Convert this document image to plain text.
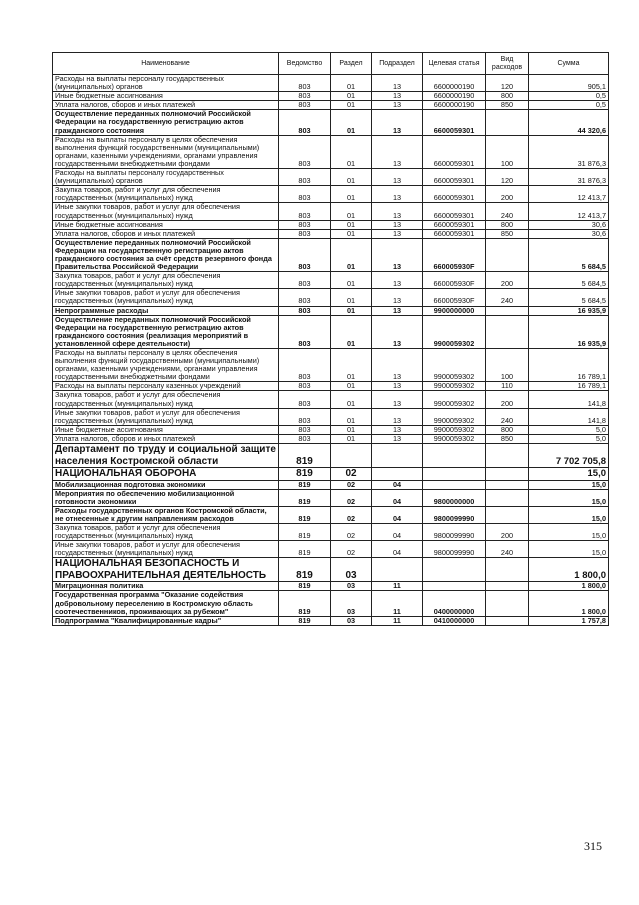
Наименование	Ведомство	Раздел	Подраздел	Целевая статья	Вид расходов	Сумма
Расходы на выплаты персоналу государственных (муниципальных) органов	803	01	13	6600000190	120	905,1
Иные бюджетные ассигнования	803	01	13	6600000190	800	0,5
Уплата налогов, сборов и иных платежей	803	01	13	6600000190	850	0,5
Осуществление переданных полномочий Российской Федерации на государственную регистрацию актов гражданского состояния	803	01	13	6600059301		44 320,6
Расходы на выплаты персоналу в целях обеспечения выполнения функций государственными (муниципальными) органами, казенными учреждениями, органами управления государственными внебюджетными фондами	803	01	13	6600059301	100	31 876,3
Расходы на выплаты персоналу государственных (муниципальных) органов	803	01	13	6600059301	120	31 876,3
Закупка товаров, работ и услуг для обеспечения государственных (муниципальных) нужд	803	01	13	6600059301	200	12 413,7
Иные закупки товаров, работ и услуг для обеспечения государственных (муниципальных) нужд	803	01	13	6600059301	240	12 413,7
Иные бюджетные ассигнования	803	01	13	6600059301	800	30,6
Уплата налогов, сборов и иных платежей	803	01	13	6600059301	850	30,6
Осуществление переданных полномочий Российской Федерации на государственную регистрацию актов гражданского состояния за счёт средств резервного фонда Правительства Российской Федерации	803	01	13	660005930F		5 684,5
Закупка товаров, работ и услуг для обеспечения государственных (муниципальных) нужд	803	01	13	660005930F	200	5 684,5
Иные закупки товаров, работ и услуг для обеспечения государственных (муниципальных) нужд	803	01	13	660005930F	240	5 684,5
Непрограммные расходы	803	01	13	9900000000		16 935,9
Осуществление переданных полномочий Российской Федерации на государственную регистрацию актов гражданского состояния (реализация мероприятий в установленной сфере деятельности)	803	01	13	9900059302		16 935,9
Расходы на выплаты персоналу в целях обеспечения выполнения функций государственными (муниципальными) органами, казенными учреждениями, органами управления государственными внебюджетными фондами	803	01	13	9900059302	100	16 789,1
Расходы на выплаты персоналу казенных учреждений	803	01	13	9900059302	110	16 789,1
Закупка товаров, работ и услуг для обеспечения государственных (муниципальных) нужд	803	01	13	9900059302	200	141,8
Иные закупки товаров, работ и услуг для обеспечения государственных (муниципальных) нужд	803	01	13	9900059302	240	141,8
Иные бюджетные ассигнования	803	01	13	9900059302	800	5,0
Уплата налогов, сборов и иных платежей	803	01	13	9900059302	850	5,0
Департамент по труду и социальной защите населения Костромской области	819					7 702 705,8
НАЦИОНАЛЬНАЯ ОБОРОНА	819	02				15,0
Мобилизационная подготовка экономики	819	02	04			15,0
Мероприятия по обеспечению мобилизационной готовности экономики	819	02	04	9800000000		15,0
Расходы государственных органов Костромской области, не отнесенные к другим направлениям расходов	819	02	04	9800099990		15,0
Закупка товаров, работ и услуг для обеспечения государственных (муниципальных) нужд	819	02	04	9800099990	200	15,0
Иные закупки товаров, работ и услуг для обеспечения государственных (муниципальных) нужд	819	02	04	9800099990	240	15,0
НАЦИОНАЛЬНАЯ БЕЗОПАСНОСТЬ И ПРАВООХРАНИТЕЛЬНАЯ ДЕЯТЕЛЬНОСТЬ	819	03				1 800,0
Миграционная политика	819	03	11			1 800,0
Государственная программа "Оказание содействия добровольному переселению в Костромскую область соотечественников, проживающих за рубежом"	819	03	11	0400000000		1 800,0
Подпрограмма "Квалифицированные кадры"	819	03	11	0410000000		1 757,8
315
